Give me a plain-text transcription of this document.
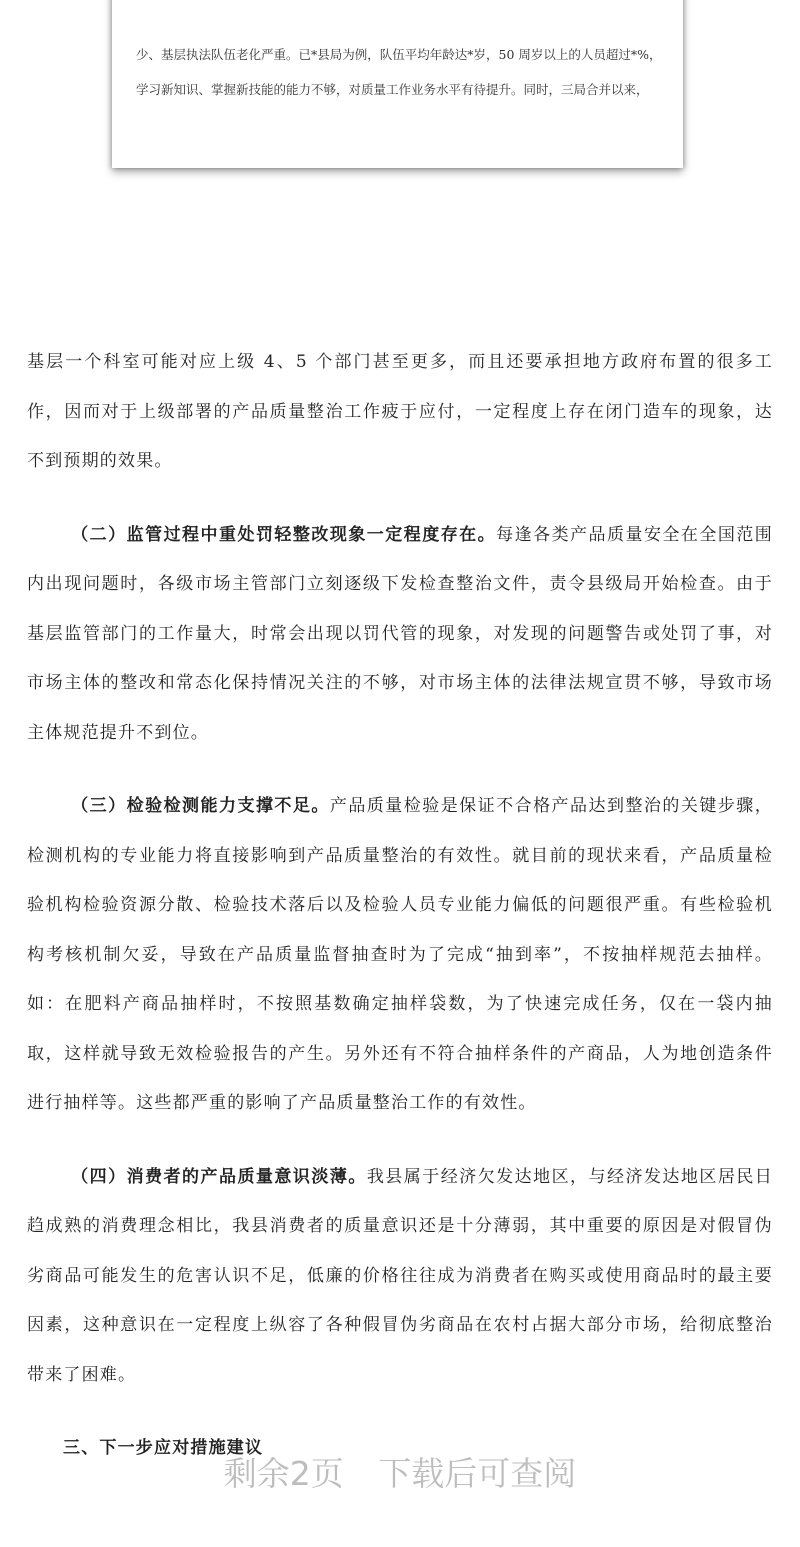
少、基层执法队伍老化严重。已*县局为例，队伍平均年龄达*岁，50 周岁以上的人员超过*%，

学习新知识、掌握新技能的能力不够，对质量工作业务水平有待提升。同时，三局合并以来，

基层一个科室可能对应上级 4、5 个部门甚至更多，而且还要承担地方政府布置的很多工作，因而对于上级部署的产品质量整治工作疲于应付，一定程度上存在闭门造车的现象，达不到预期的效果。

（二）监管过程中重处罚轻整改现象一定程度存在。每逢各类产品质量安全在全国范围内出现问题时，各级市场主管部门立刻逐级下发检查整治文件，责令县级局开始检查。由于基层监管部门的工作量大，时常会出现以罚代管的现象，对发现的问题警告或处罚了事，对市场主体的整改和常态化保持情况关注的不够，对市场主体的法律法规宣贯不够，导致市场主体规范提升不到位。

（三）检验检测能力支撑不足。产品质量检验是保证不合格产品达到整治的关键步骤，检测机构的专业能力将直接影响到产品质量整治的有效性。就目前的现状来看，产品质量检验机构检验资源分散、检验技术落后以及检验人员专业能力偏低的问题很严重。有些检验机构考核机制欠妥，导致在产品质量监督抽查时为了完成“抽到率”，不按抽样规范去抽样。如：在肥料产商品抽样时，不按照基数确定抽样袋数，为了快速完成任务，仅在一袋内抽取，这样就导致无效检验报告的产生。另外还有不符合抽样条件的产商品，人为地创造条件进行抽样等。这些都严重的影响了产品质量整治工作的有效性。

（四）消费者的产品质量意识淡薄。我县属于经济欠发达地区，与经济发达地区居民日趋成熟的消费理念相比，我县消费者的质量意识还是十分薄弱，其中重要的原因是对假冒伪劣商品可能发生的危害认识不足，低廉的价格往往成为消费者在购买或使用商品时的最主要因素，这种意识在一定程度上纵容了各种假冒伪劣商品在农村占据大部分市场，给彻底整治带来了困难。

三、下一步应对措施建议

剩余2页 下载后可查阅
